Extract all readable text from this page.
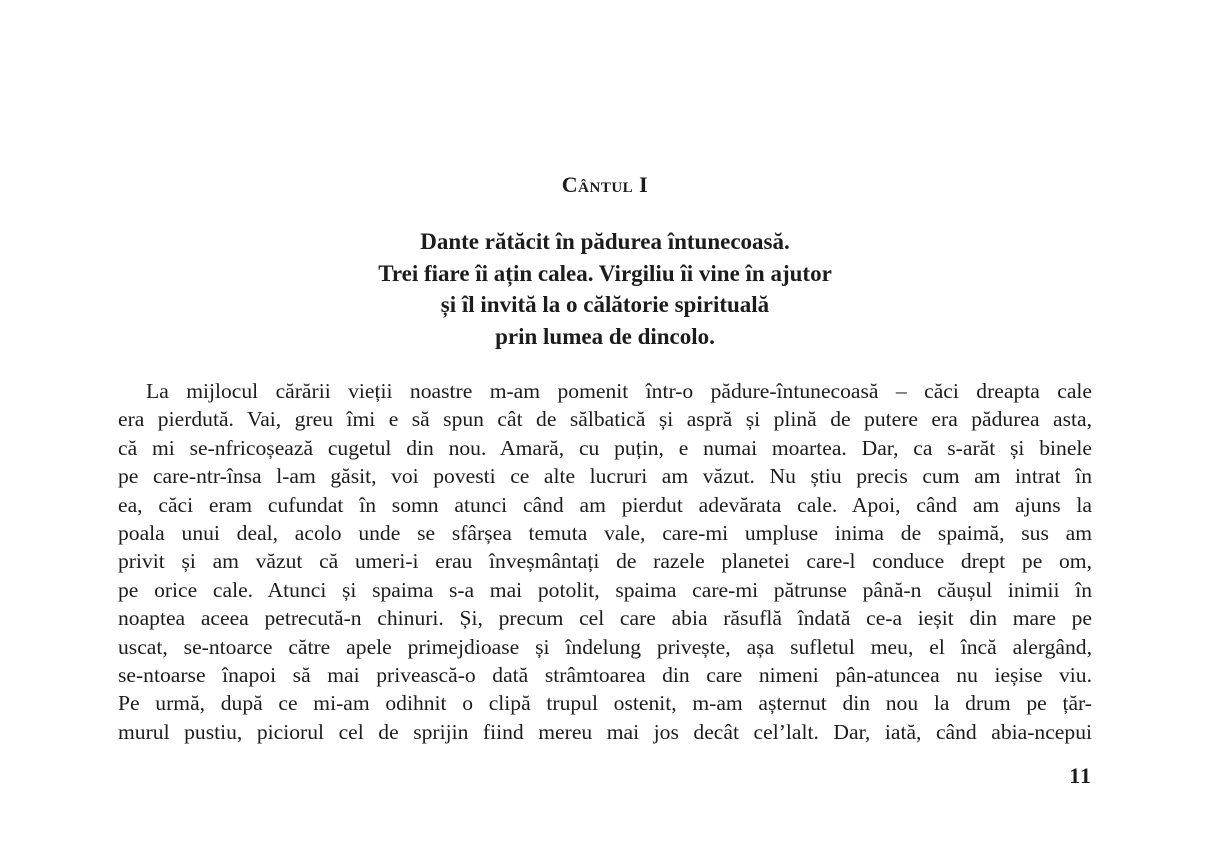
Cântul I
Dante rătăcit în pădurea întunecoasă.
Trei fiare îi ațin calea. Virgiliu îi vine în ajutor
și îl invită la o călătorie spirituală
prin lumea de dincolo.
La mijlocul cărării vieții noastre m-am pomenit într-o pădure-întunecoasă – căci dreapta cale
era pierdută. Vai, greu îmi e să spun cât de sălbatică și aspră și plină de putere era pădurea asta,
că mi se-nfricoșează cugetul din nou. Amară, cu puțin, e numai moartea. Dar, ca s-arăt și binele
pe care-ntr-însa l-am găsit, voi povesti ce alte lucruri am văzut. Nu știu precis cum am intrat în
ea, căci eram cufundat în somn atunci când am pierdut adevărata cale. Apoi, când am ajuns la
poala unui deal, acolo unde se sfârșea temuta vale, care-mi umpluse inima de spaimă, sus am
privit și am văzut că umeri-i erau înveșmântați de razele planetei care-l conduce drept pe om,
pe orice cale. Atunci și spaima s-a mai potolit, spaima care-mi pătrunse până-n căușul inimii în
noaptea aceea petrecută-n chinuri. Și, precum cel care abia răsuflă îndată ce-a ieșit din mare pe
uscat, se-ntoarce către apele primejdioase și îndelung privește, așa sufletul meu, el încă alergând,
se-ntoarse înapoi să mai privească-o dată strâmtoarea din care nimeni pân-atuncea nu ieșise viu.
Pe urmă, după ce mi-am odihnit o clipă trupul ostenit, m-am așternut din nou la drum pe țăr-
murul pustiu, piciorul cel de sprijin fiind mereu mai jos decât cel’lalt. Dar, iată, când abia-ncepui
11
